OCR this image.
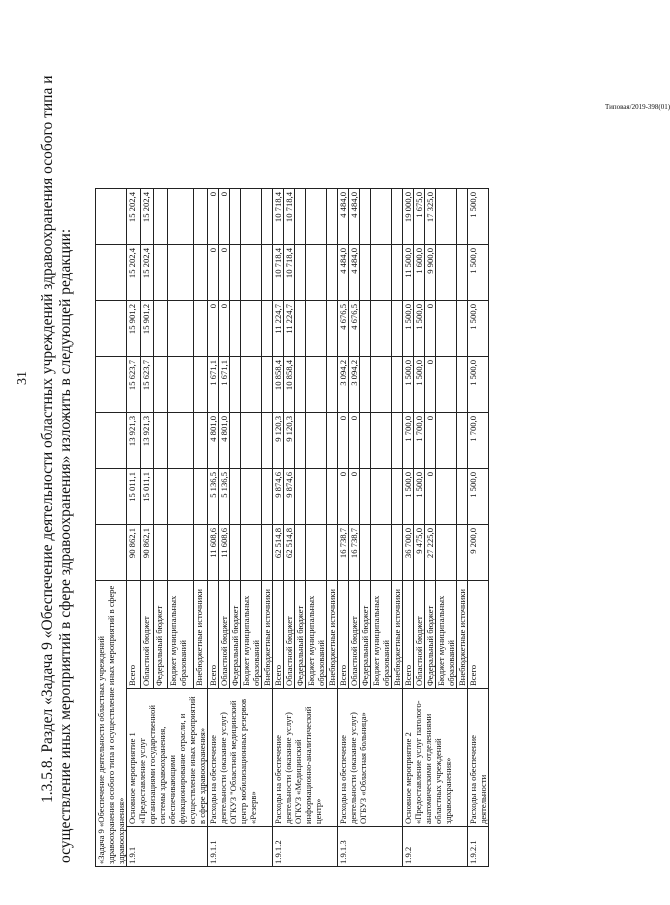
31 1.3.5.8. Раздел «Задача 9 «Обеспечение деятельности областных учреждений здравоохранения особого типа и осуществление иных мероприятий в сфере здравоохранения» изложить в следующей редакции:	«Задача 9 «Обеспечение деятельности областных учреждений здравоохранения особого типа и осуществление иных мероприятий в сфере здравоохранения»									
1.9.1	Основное мероприятие 1 «Предоставление услуг организациями государственной системы здравоохранения, обеспечивающими функционирование отрасли, и осуществление иных мероприятий в сфере здравоохранения»	Всего	90 862,1	15 011,1	13 921,3	15 623,7	15 901,2	15 202,4	15 202,4
		Областной бюджет	90 862,1	15 011,1	13 921,3	15 623,7	15 901,2	15 202,4	15 202,4
		Федеральный бюджет							
		Бюджет муниципальных образований							
		Внебюджетные источники							
1.9.1.1	Расходы на обеспечение деятельности (оказание услуг) ОГКУЗ "Областной медицинский центр мобилизационных резервов «Резерв»	Всего	11 608,6	5 136,5	4 801,0	1 671,1	0	0	0
		Областной бюджет	11 608,6	5 136,5	4 801,0	1 671,1	0	0	0
		Федеральный бюджет							
		Бюджет муниципальных образований							
		Внебюджетные источники							
1.9.1.2	Расходы на обеспечение деятельности (оказание услуг) ОГКУЗ «Медицинский информационно-аналитический центр»	Всего	62 514,8	9 874,6	9 120,3	10 858,4	11 224,7	10 718,4	10 718,4
		Областной бюджет	62 514,8	9 874,6	9 120,3	10 858,4	11 224,7	10 718,4	10 718,4
		Федеральный бюджет							
		Бюджет муниципальных образований							
		Внебюджетные источники							
1.9.1.3	Расходы на обеспечение деятельности (оказание услуг) ОГБУЗ «Областная больница»	Всего	16 738,7	0	0	3 094,2	4 676,5	4 484,0	4 484,0
		Областной бюджет	16 738,7	0	0	3 094,2	4 676,5	4 484,0	4 484,0
		Федеральный бюджет							
		Бюджет муниципальных образований							
		Внебюджетные источники							
1.9.2	Основное мероприятие 2 «Предоставление услуг патолого-анатомическими отделениями областных учреждений здравоохранения»	Всего	36 700,0	1 500,0	1 700,0	1 500,0	1 500,0	11 500,0	19 000,0
		Областной бюджет	9 475,0	1 500,0	1 700,0	1 500,0	1 500,0	1 600,0	1 675,0
		Федеральный бюджет	27 225,0	0	0	0	0	9 900,0	17 325,0
		Бюджет муниципальных образований							
		Внебюджетные источники							
1.9.2.1	Расходы на обеспечение деятельности	Всего	9 200,0	1 500,0	1 700,0	1 500,0	1 500,0	1 500,0	1 500,0
Типовая/2019-398(01)
